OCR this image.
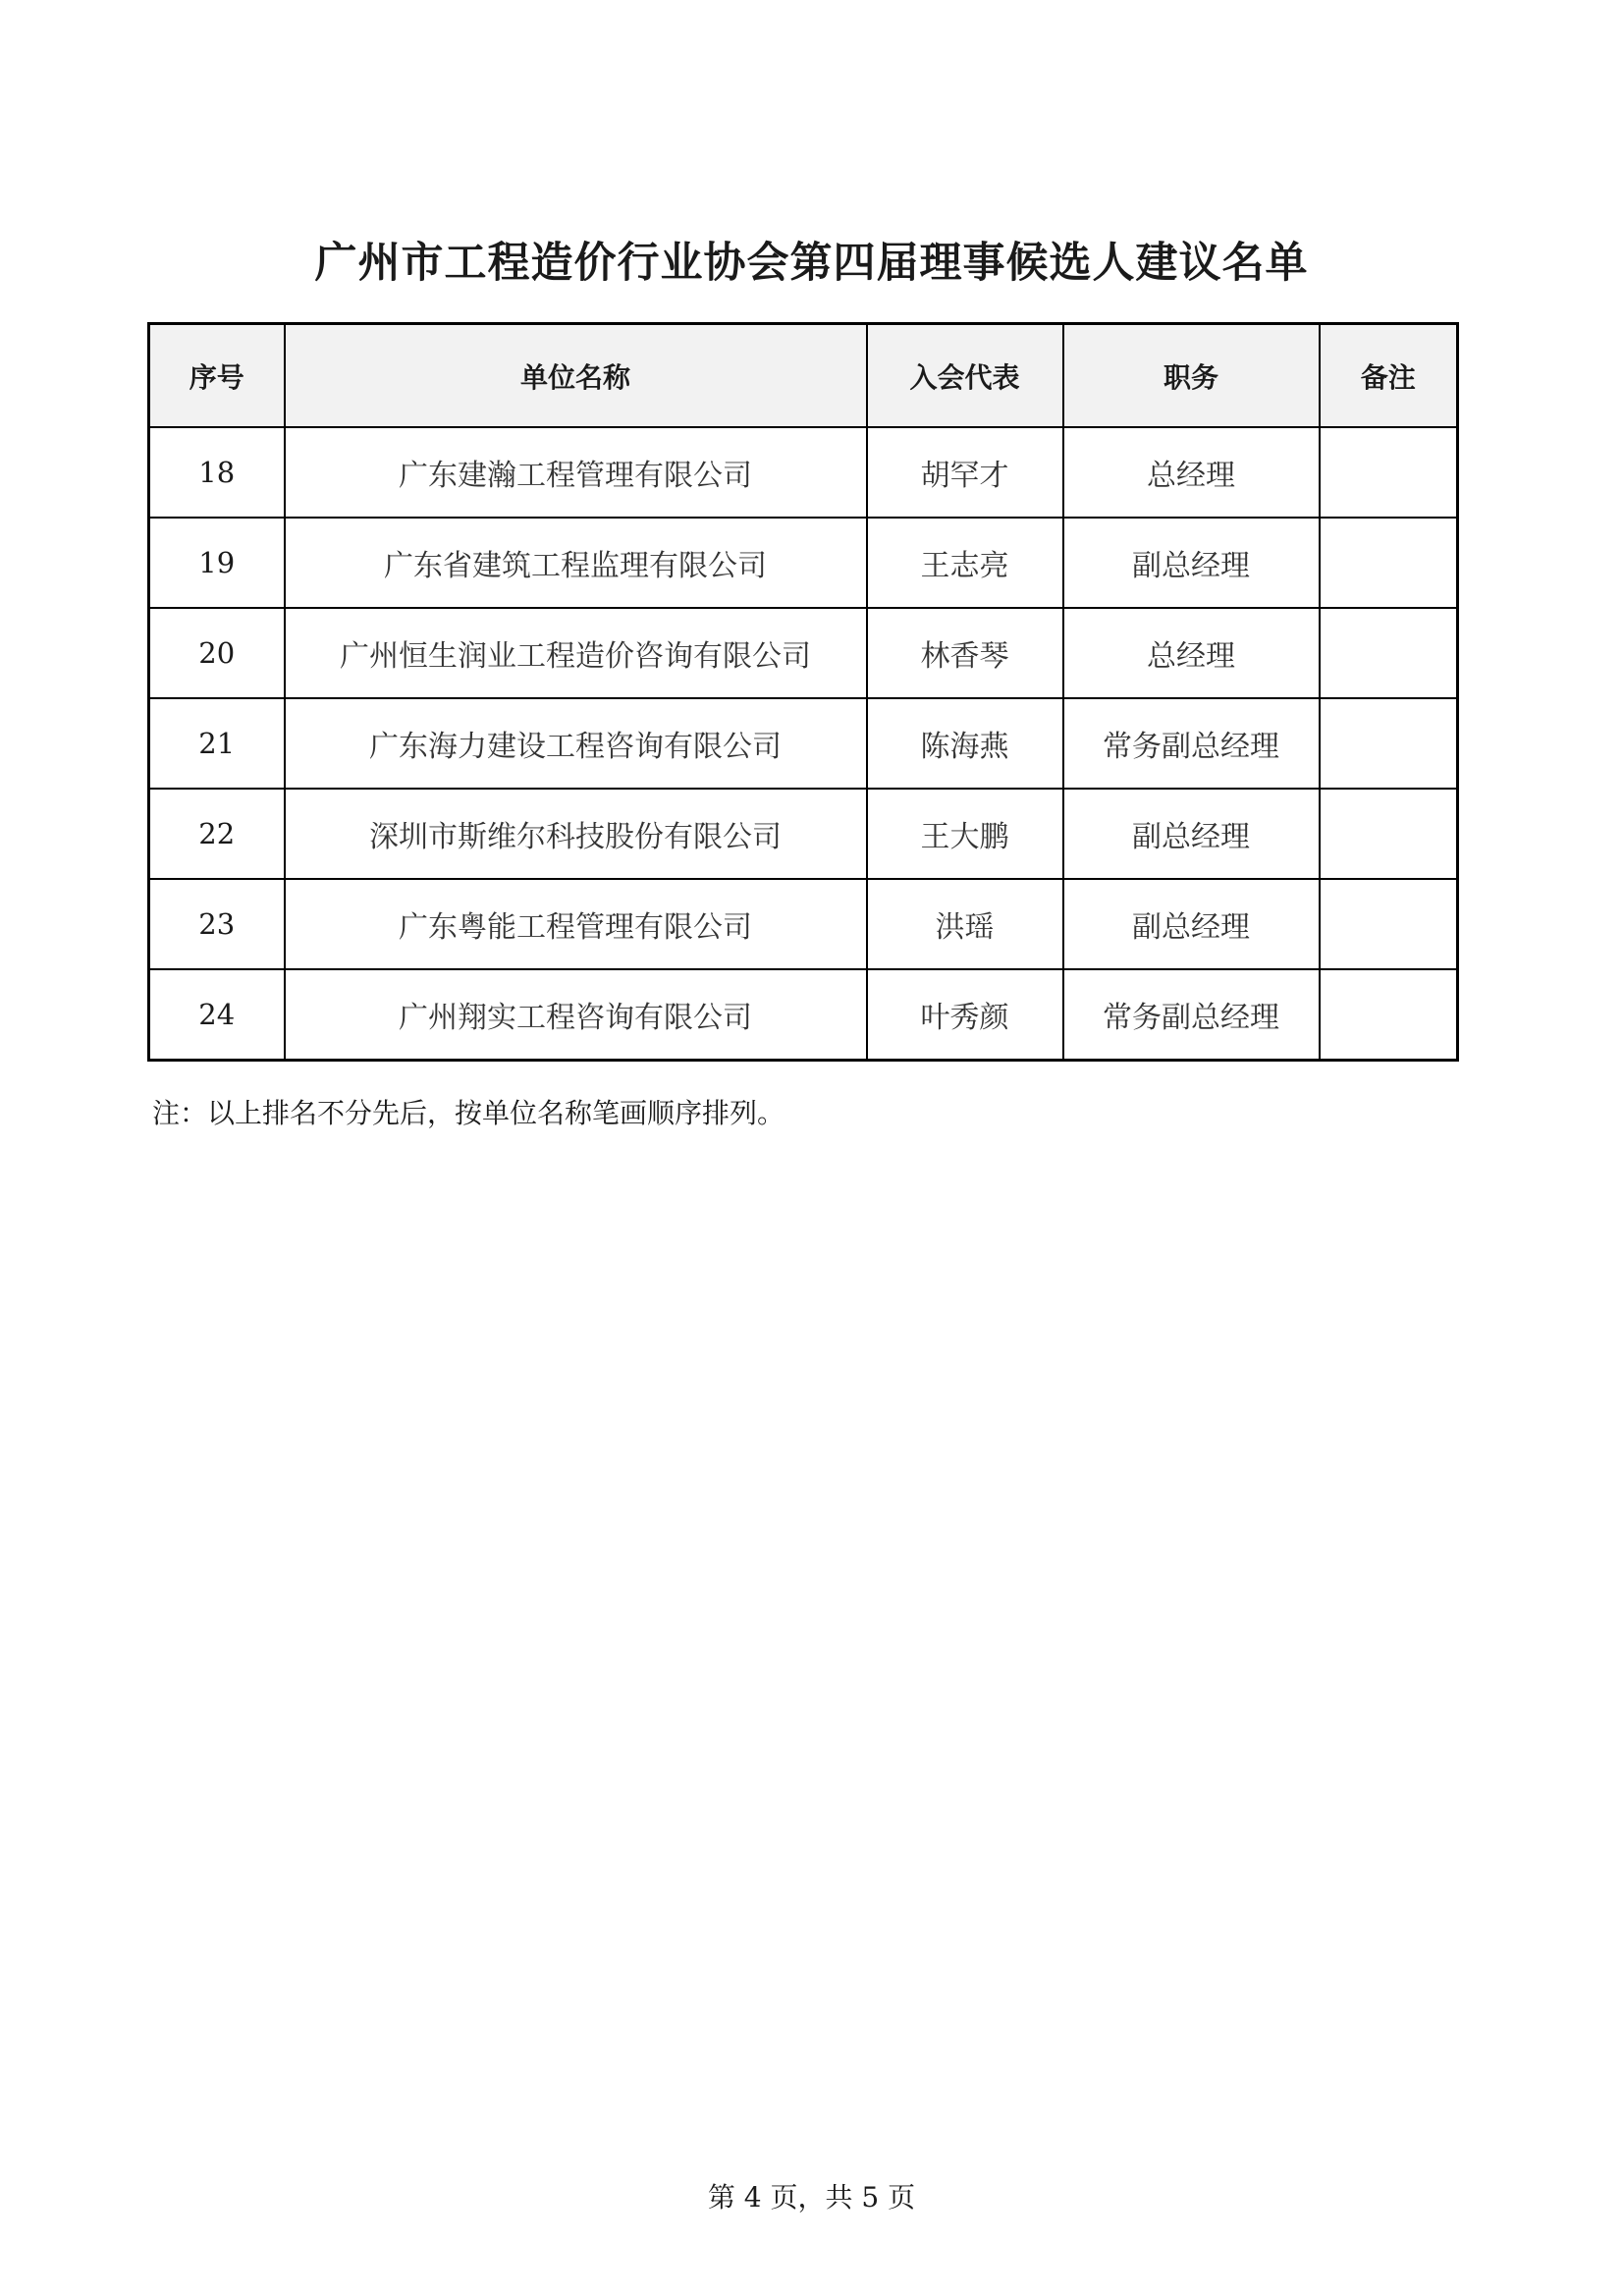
广州市工程造价行业协会第四届理事候选人建议名单
序号	单位名称	入会代表	职务	备注
18	广东建瀚工程管理有限公司	胡罕才	总经理	
19	广东省建筑工程监理有限公司	王志亮	副总经理	
20	广州恒生润业工程造价咨询有限公司	林香琴	总经理	
21	广东海力建设工程咨询有限公司	陈海燕	常务副总经理	
22	深圳市斯维尔科技股份有限公司	王大鹏	副总经理	
23	广东粤能工程管理有限公司	洪瑶	副总经理	
24	广州翔实工程咨询有限公司	叶秀颜	常务副总经理	
注：以上排名不分先后，按单位名称笔画顺序排列。
第 4 页，共 5 页
